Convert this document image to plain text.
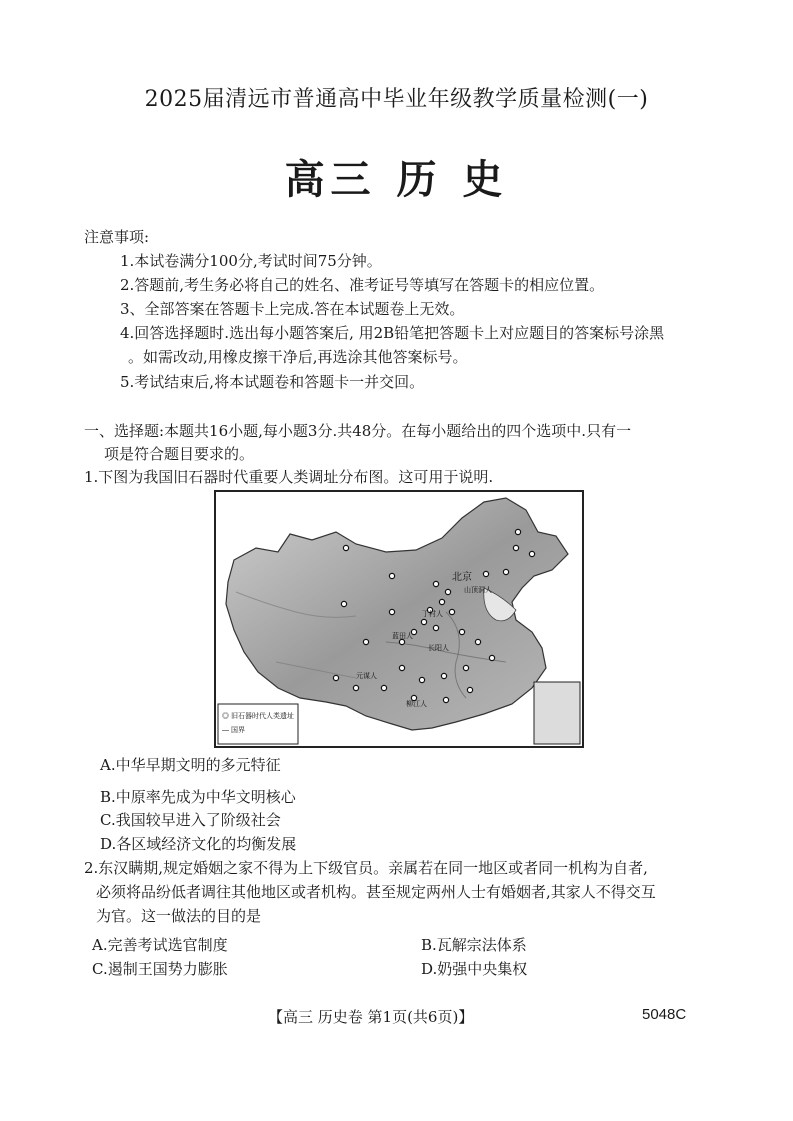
2025届清远市普通高中毕业年级教学质量检测(一)
高三 历 史
注意事项:
1.本试卷满分100分,考试时间75分钟。
2.答题前,考生务必将自己的姓名、准考证号等填写在答题卡的相应位置。
3、全部答案在答题卡上完成.答在本试题卷上无效。
4.回答选择题时.选出每小题答案后, 用2B铅笔把答题卡上对应题目的答案标号涂黑
。如需改动,用橡皮擦干净后,再选涂其他答案标号。
5.考试结束后,将本试题卷和答题卡一并交回。
一、选择题:本题共16小题,每小题3分.共48分。在每小题给出的四个选项中.只有一
项是符合题目要求的。
1.下图为我国旧石器时代重要人类调址分布图。这可用于说明.
北京
山顶洞人
丁村人
蓝田人
长阳人
柳江人
元谋人
◎ 旧石器时代人类遗址
— 国界
A.中华早期文明的多元特征
B.中原率先成为中华文明核心
C.我国较早进入了阶级社会
D.各区域经济文化的均衡发展
2.东汉瞒期,规定婚姻之家不得为上下级官员。亲属若在同一地区或者同一机构为自者,
必须将品纷低者调往其他地区或者机构。甚至规定两州人士有婚姻者,其家人不得交互
为官。这一做法的目的是
A.完善考试选官制度	B.瓦解宗法体系
C.遏制王国势力膨胀	D.奶强中央集权
【高三 历史卷 第1页(共6页)】	5048C
